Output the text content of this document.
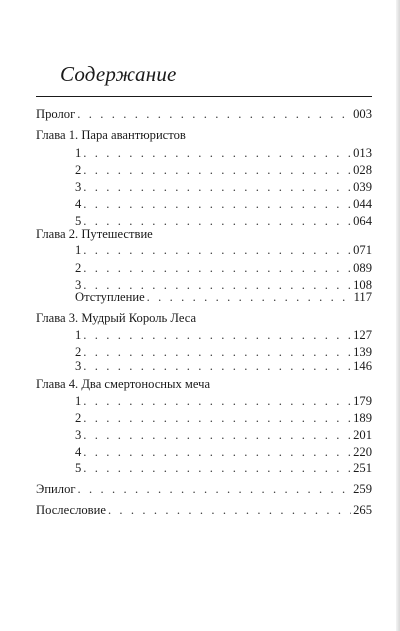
Содержание
Пролог . . .	003
Глава 1. Пара авантюристов
1 . . .	013
2 . . .	028
3 . . .	039
4 . . .	044
5 . . .	064
Глава 2. Путешествие
1 . . .	071
2 . . .	089
3 . . .	108
Отступление . . .	117
Глава 3. Мудрый Король Леса
1 . . .	127
2 . . .	139
3 . . .	146
Глава 4. Два смертоносных меча
1 . . .	179
2 . . .	189
3 . . .	201
4 . . .	220
5 . . .	251
Эпилог . . .	259
Послесловие . . .	265
